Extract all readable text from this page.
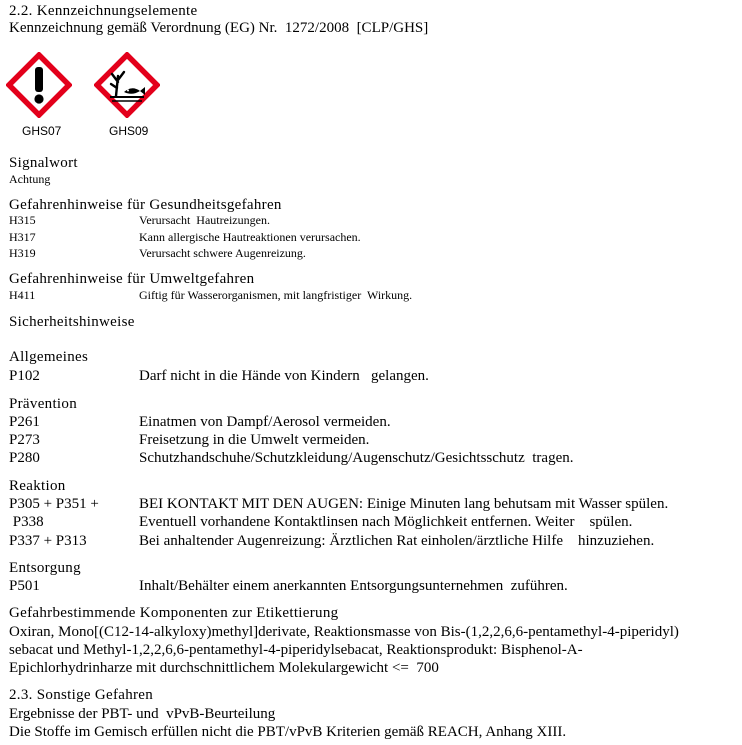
2.2. Kennzeichnungselemente
Kennzeichnung gemäß Verordnung (EG) Nr.  1272/2008  [CLP/GHS]
GHS07	GHS09
Signalwort
Achtung
Gefahrenhinweise für Gesundheitsgefahren
H315	Verursacht  Hautreizungen.
H317	Kann allergische Hautreaktionen verursachen.
H319	Verursacht schwere Augenreizung.
Gefahrenhinweise für Umweltgefahren
H411	Giftig für Wasserorganismen, mit langfristiger  Wirkung.
Sicherheitshinweise
Allgemeines
P102	Darf nicht in die Hände von Kindern   gelangen.
Prävention
P261	Einatmen von Dampf/Aerosol vermeiden.
P273	Freisetzung in die Umwelt vermeiden.
P280	Schutzhandschuhe/Schutzkleidung/Augenschutz/Gesichtsschutz  tragen.
Reaktion
P305 + P351 +	BEI KONTAKT MIT DEN AUGEN: Einige Minuten lang behutsam mit Wasser spülen.
P338	Eventuell vorhandene Kontaktlinsen nach Möglichkeit entfernen. Weiter    spülen.
P337 + P313	Bei anhaltender Augenreizung: Ärztlichen Rat einholen/ärztliche Hilfe    hinzuziehen.
Entsorgung
P501	Inhalt/Behälter einem anerkannten Entsorgungsunternehmen  zuführen.
Gefahrbestimmende Komponenten zur Etikettierung
Oxiran, Mono[(C12-14-alkyloxy)methyl]derivate, Reaktionsmasse von Bis-(1,2,2,6,6-pentamethyl-4-piperidyl)
sebacat und Methyl-1,2,2,6,6-pentamethyl-4-piperidylsebacat, Reaktionsprodukt: Bisphenol-A-
Epichlorhydrinharze mit durchschnittlichem Molekulargewicht <=  700
2.3. Sonstige Gefahren
Ergebnisse der PBT- und  vPvB-Beurteilung
Die Stoffe im Gemisch erfüllen nicht die PBT/vPvB Kriterien gemäß REACH, Anhang XIII.
